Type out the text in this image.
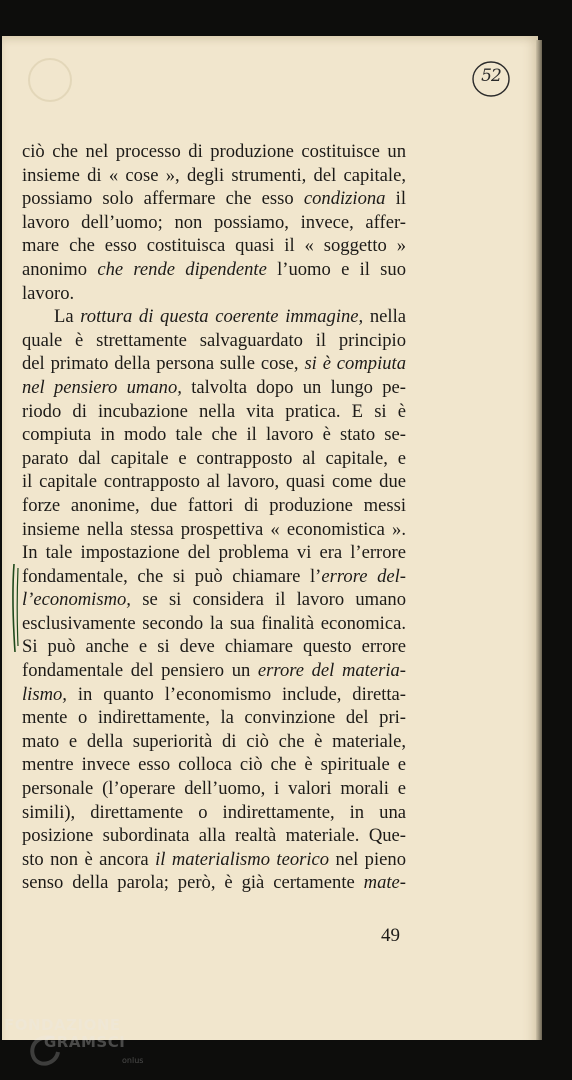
52
ciò che nel processo di produzione costituisce un
insieme di « cose », degli strumenti, del capitale,
possiamo solo affermare che esso condiziona il
lavoro dell’uomo; non possiamo, invece, affer-
mare che esso costituisca quasi il « soggetto »
anonimo che rende dipendente l’uomo e il suo
lavoro.
La rottura di questa coerente immagine, nella
quale è strettamente salvaguardato il principio
del primato della persona sulle cose, si è compiuta
nel pensiero umano, talvolta dopo un lungo pe-
riodo di incubazione nella vita pratica. E si è
compiuta in modo tale che il lavoro è stato se-
parato dal capitale e contrapposto al capitale, e
il capitale contrapposto al lavoro, quasi come due
forze anonime, due fattori di produzione messi
insieme nella stessa prospettiva « economistica ».
In tale impostazione del problema vi era l’errore
fondamentale, che si può chiamare l’errore del-
l’economismo, se si considera il lavoro umano
esclusivamente secondo la sua finalità economica.
Si può anche e si deve chiamare questo errore
fondamentale del pensiero un errore del materia-
lismo, in quanto l’economismo include, diretta-
mente o indirettamente, la convinzione del pri-
mato e della superiorità di ciò che è materiale,
mentre invece esso colloca ciò che è spirituale e
personale (l’operare dell’uomo, i valori morali e
simili), direttamente o indirettamente, in una
posizione subordinata alla realtà materiale. Que-
sto non è ancora il materialismo teorico nel pieno
senso della parola; però, è già certamente mate-
49
FONDAZIONE
GRAMSCI
onlus
